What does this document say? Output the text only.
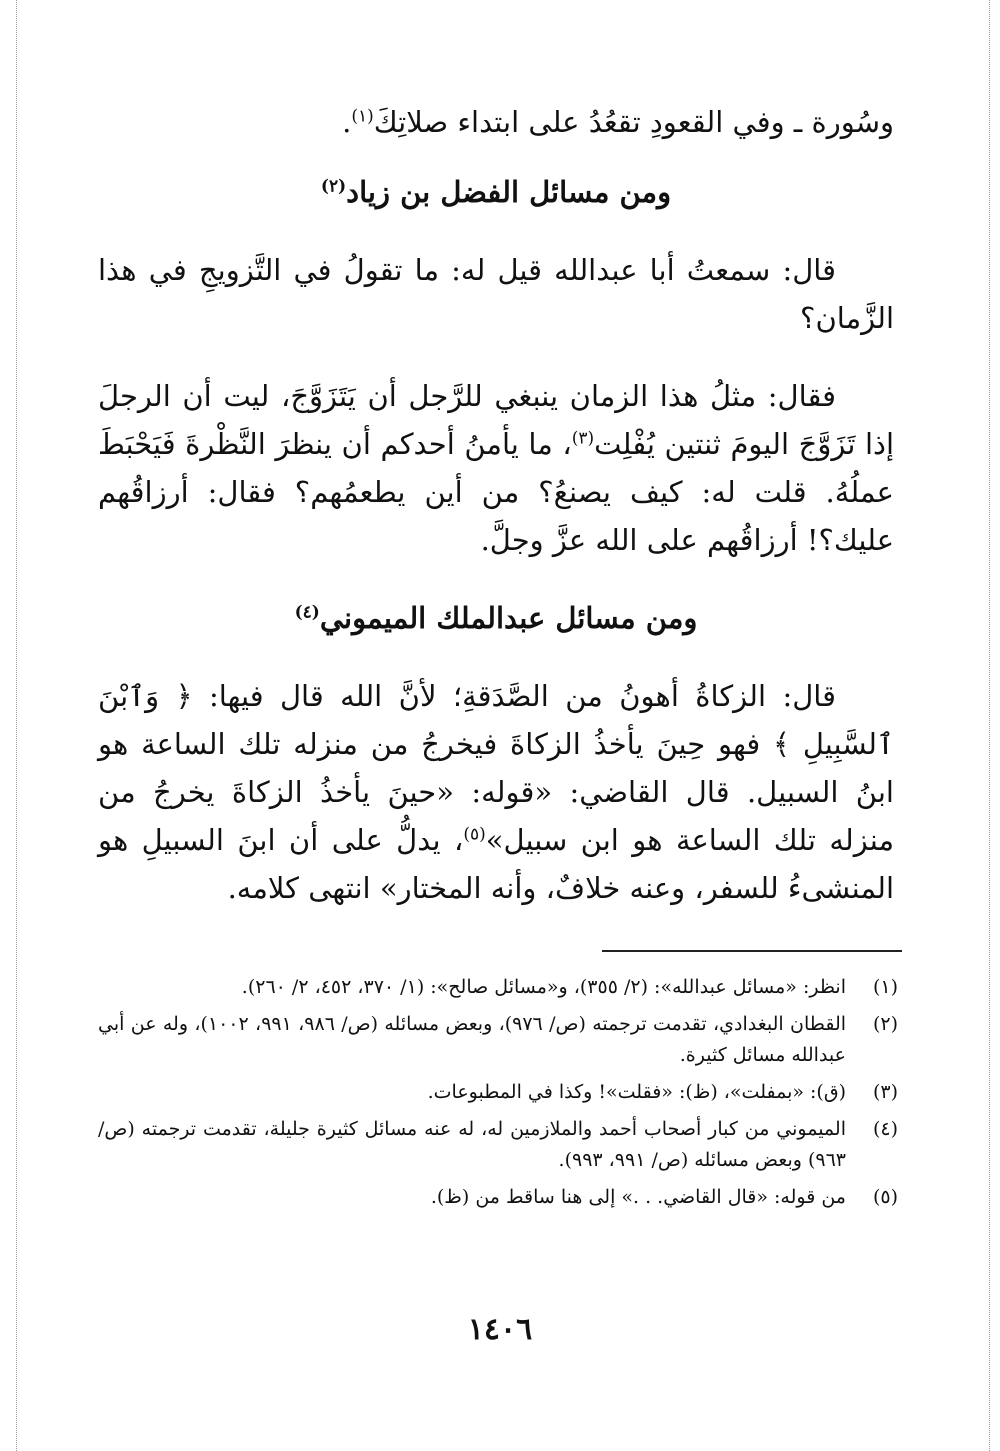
وسُورة ـ وفي القعودِ تقعُدُ على ابتداء صلاتِكَ$^{(١)}$.

ومن مسائل الفضل بن زياد$^{(٢)}$

قال: سمعتُ أبا عبدالله قيل له: ما تقولُ في التَّزويجِ في هذا الزَّمان؟

فقال: مثلُ هذا الزمان ينبغي للرَّجل أن يَتَزَوَّجَ، ليت أن الرجلَ إذا تَزَوَّجَ اليومَ ثنتين يُفْلِت$^{(٣)}$، ما يأمنُ أحدكم أن ينظرَ النَّظْرةَ فَيَحْبَطَ عملُهُ. قلت له: كيف يصنعُ؟ من أين يطعمُهم؟ فقال: أرزاقُهم عليك؟! أرزاقُهم على الله عزَّ وجلَّ.

ومن مسائل عبدالملك الميموني$^{(٤)}$

قال: الزكاةُ أهونُ من الصَّدَقةِ؛ لأنَّ الله قال فيها: ﴿ وَٱبْنَ ٱلسَّبِيلِ ﴾ فهو حِينَ يأخذُ الزكاةَ فيخرجُ من منزله تلك الساعة هو ابنُ السبيل. قال القاضي: «قوله: «حينَ يأخذُ الزكاةَ يخرجُ من منزله تلك الساعة هو ابن سبيل»$^{(٥)}$، يدلُّ على أن ابنَ السبيلِ هو المنشىءُ للسفر، وعنه خلافٌ، وأنه المختار» انتهى كلامه.

(١)
انظر: «مسائل عبدالله»: (٢/ ٣٥٥)، و«مسائل صالح»: (١/ ٣٧٠، ٤٥٢، ٢/ ٢٦٠).
(٢)
القطان البغدادي، تقدمت ترجمته (ص/ ٩٧٦)، وبعض مسائله (ص/ ٩٨٦، ٩٩١، ١٠٠٢)، وله عن أبي عبدالله مسائل كثيرة.
(٣)
(ق): «بمفلت»، (ظ): «فقلت»! وكذا في المطبوعات.
(٤)
الميموني من كبار أصحاب أحمد والملازمين له، له عنه مسائل كثيرة جليلة، تقدمت ترجمته (ص/ ٩٦٣) وبعض مسائله (ص/ ٩٩١، ٩٩٣).
(٥)
من قوله: «قال القاضي. . .» إلى هنا ساقط من (ظ).
١٤٠٦
